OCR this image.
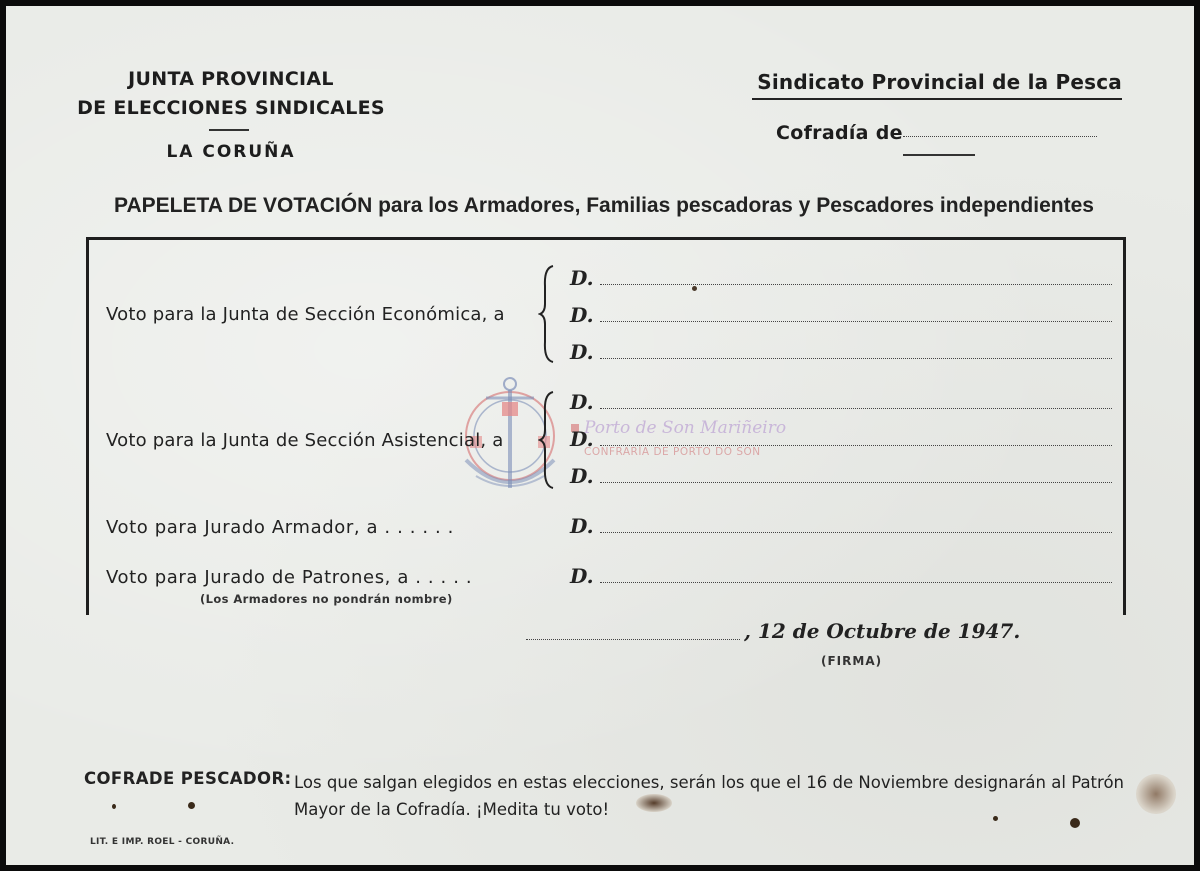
JUNTA PROVINCIAL
DE ELECCIONES SINDICALES
LA CORUÑA
Sindicato Provincial de la Pesca
Cofradía de
PAPELETA DE VOTACIÓN para los Armadores, Familias pescadoras y Pescadores independientes
Porto de Son Mariñeiro
CONFRARÍA DE PORTO DO SON
Voto para la Junta de Sección Económica, a
D.
D.
D.
Voto para la Junta de Sección Asistencial, a
D.
D.
D.
Voto para Jurado Armador, a . . . . . .	D.
Voto para Jurado de Patrones, a . . . . .	D.
(Los Armadores no pondrán nombre)
, 12 de Octubre de 1947.
(FIRMA)
COFRADE PESCADOR: Los que salgan elegidos en estas elecciones, serán los que el 16 de Noviembre designarán al Patrón Mayor de la Cofradía. ¡Medita tu voto!
LIT. E IMP. ROEL - CORUÑA.
